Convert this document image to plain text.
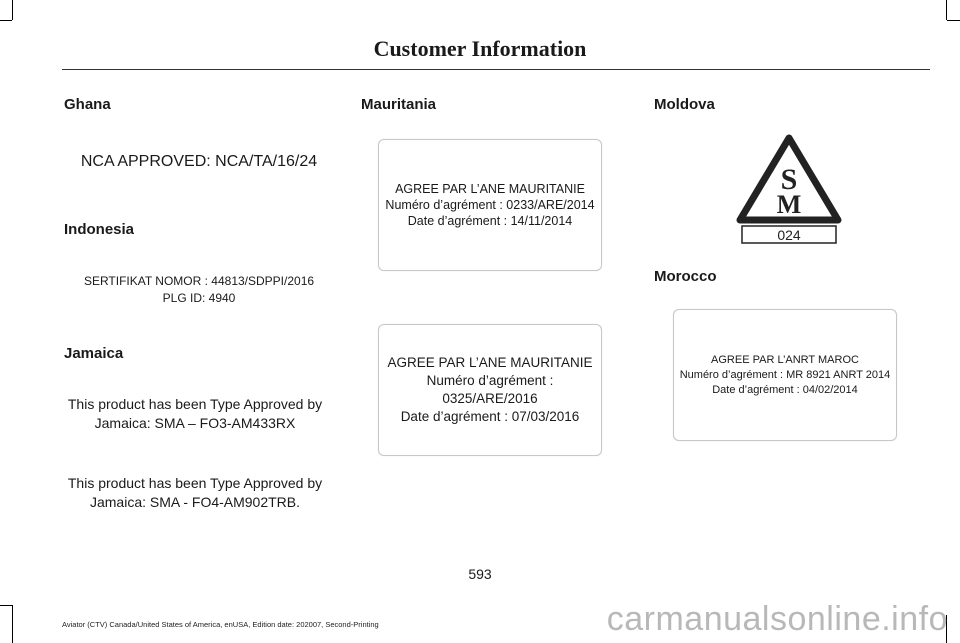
Customer Information
Ghana
NCA APPROVED: NCA/TA/16/24
Indonesia
SERTIFIKAT NOMOR : 44813/SDPPI/2016
PLG ID: 4940
Jamaica
This product has been Type Approved by
Jamaica: SMA – FO3-AM433RX
This product has been Type Approved by
Jamaica: SMA - FO4-AM902TRB.
Mauritania
AGREE PAR L’ANE MAURITANIE
Numéro d’agrément : 0233/ARE/2014
Date d’agrément : 14/11/2014
AGREE PAR L’ANE MAURITANIE
Numéro d’agrément : 0325/ARE/2016
Date d’agrément : 07/03/2016
Moldova
S
M
024
Morocco
AGREE PAR L’ANRT MAROC
Numéro d’agrément : MR 8921 ANRT 2014
Date d’agrément : 04/02/2014
593
Aviator (CTV) Canada/United States of America, enUSA, Edition date: 202007, Second-Printing	carmanualsonline.info
